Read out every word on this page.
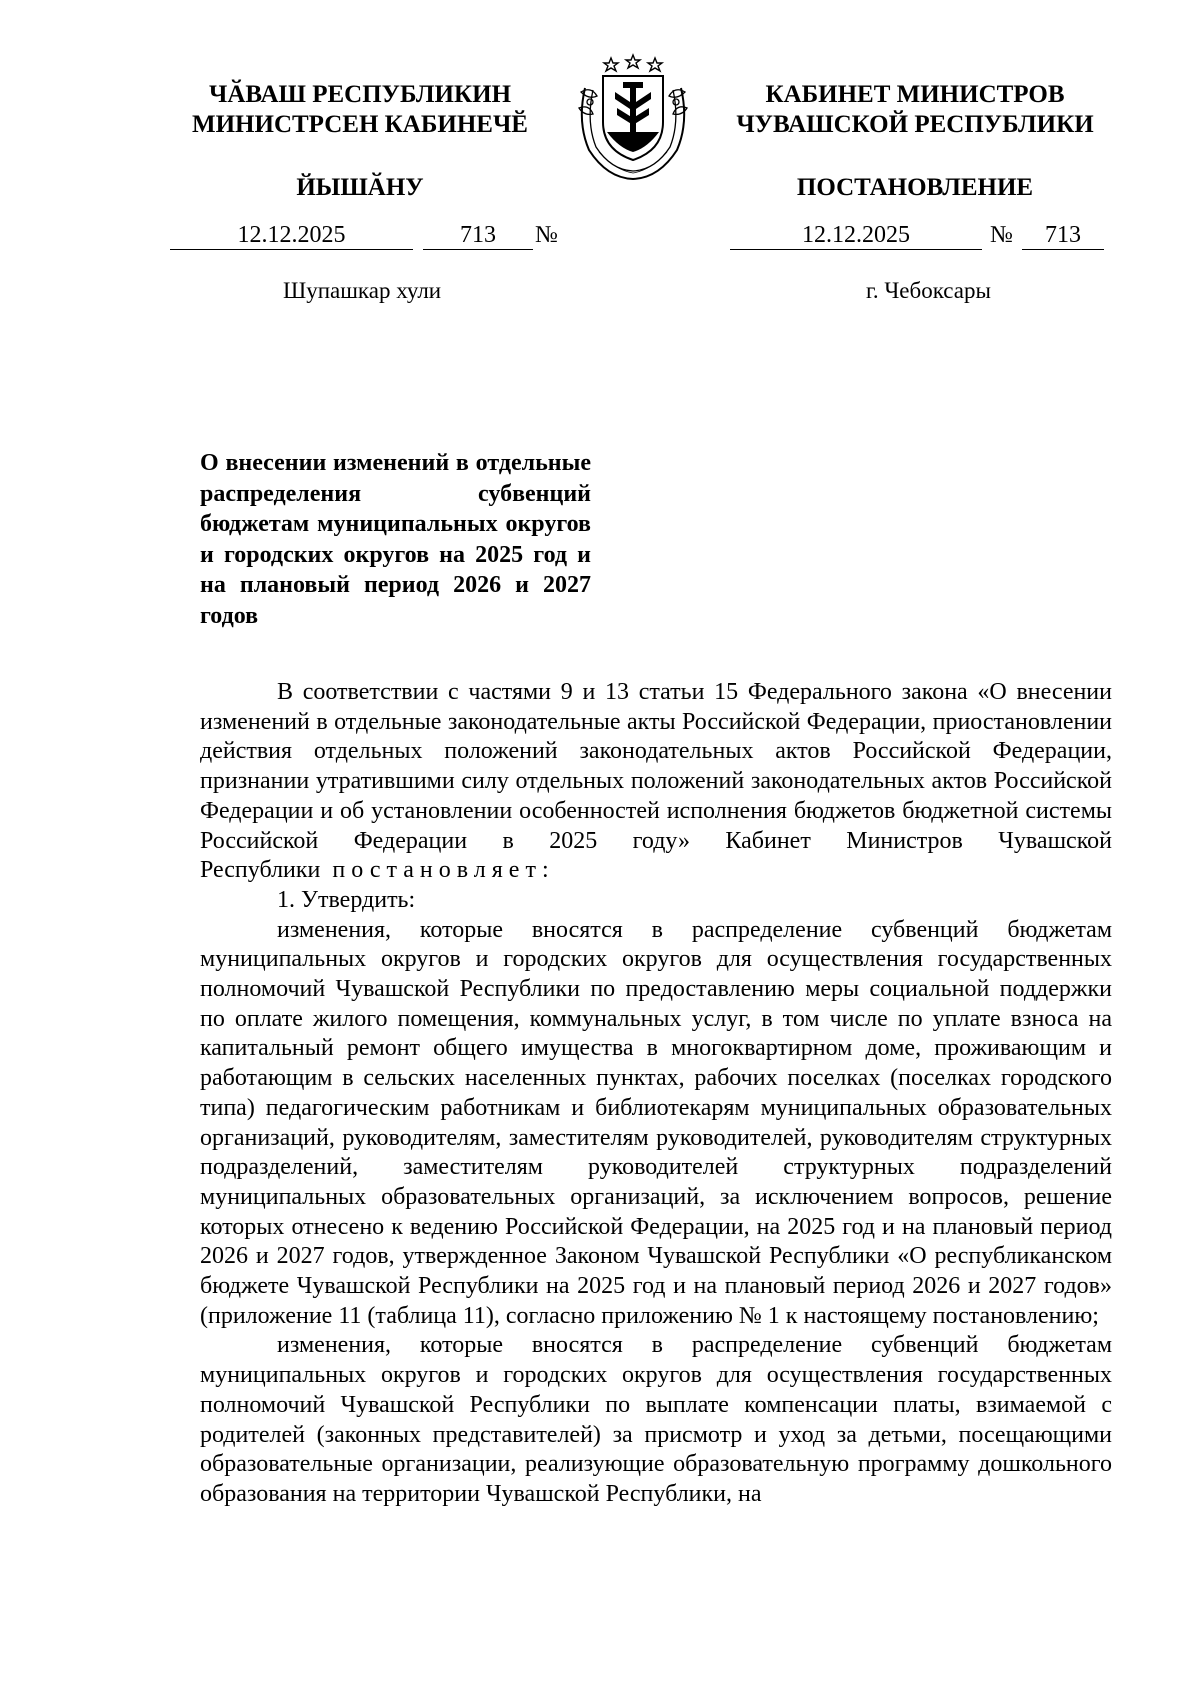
ЧӐВАШ РЕСПУБЛИКИН
МИНИСТРСЕН КАБИНЕЧӖ
ЙЫШӐНУ
КАБИНЕТ МИНИСТРОВ
ЧУВАШСКОЙ РЕСПУБЛИКИ
ПОСТАНОВЛЕНИЕ
12.12.2025	713	№	12.12.2025	№	713
Шупашкар хули	г. Чебоксары
О внесении изменений в отдельные распределения субвенций бюджетам муниципальных округов и городских округов на 2025 год и на плановый период 2026 и 2027 годов

В соответствии с частями 9 и 13 статьи 15 Федерального закона «О внесении изменений в отдельные законодательные акты Российской Федерации, приостановлении действия отдельных положений законодательных актов Российской Федерации, признании утратившими силу отдельных положений законодательных актов Российской Федерации и об установлении особенностей исполнения бюджетов бюджетной системы Российской Федерации в 2025 году» Кабинет Министров Чувашской Республики постановляет:

1. Утвердить:

изменения, которые вносятся в распределение субвенций бюджетам муниципальных округов и городских округов для осуществления государственных полномочий Чувашской Республики по предоставлению меры социальной поддержки по оплате жилого помещения, коммунальных услуг, в том числе по уплате взноса на капитальный ремонт общего имущества в многоквартирном доме, проживающим и работающим в сельских населенных пунктах, рабочих поселках (поселках городского типа) педагогическим работникам и библиотекарям муниципальных образовательных организаций, руководителям, заместителям руководителей, руководителям структурных подразделений, заместителям руководителей структурных подразделений муниципальных образовательных организаций, за исключением вопросов, решение которых отнесено к ведению Российской Федерации, на 2025 год и на плановый период 2026 и 2027 годов, утвержденное Законом Чувашской Республики «О республиканском бюджете Чувашской Республики на 2025 год и на плановый период 2026 и 2027 годов» (приложение 11 (таблица 11), согласно приложению № 1 к настоящему постановлению;

изменения, которые вносятся в распределение субвенций бюджетам муниципальных округов и городских округов для осуществления государственных полномочий Чувашской Республики по выплате компенсации платы, взимаемой с родителей (законных представителей) за присмотр и уход за детьми, посещающими образовательные организации, реализующие образовательную программу дошкольного образования на территории Чувашской Республики, на
